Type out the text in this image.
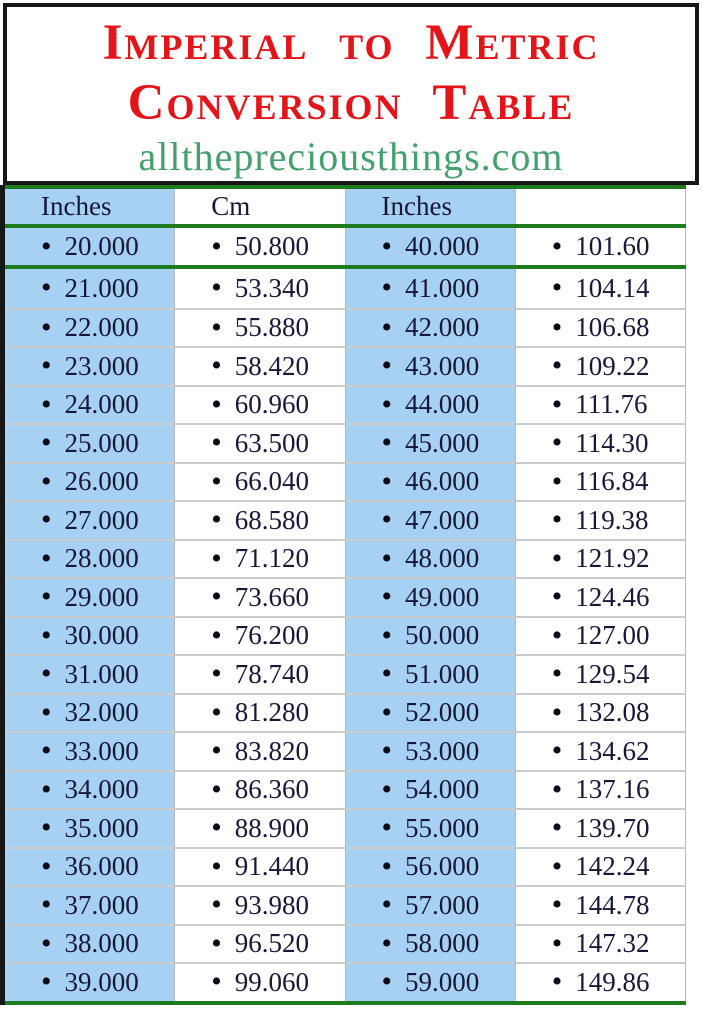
Imperial to Metric
Conversion Table
allthepreciousthings.com
Inches	Cm	Inches
• 20.000 • 50.800 • 40.000 • 101.60
• 21.000 • 53.340 • 41.000 • 104.14
• 22.000 • 55.880 • 42.000 • 106.68
• 23.000 • 58.420 • 43.000 • 109.22
• 24.000 • 60.960 • 44.000 • 111.76
• 25.000 • 63.500 • 45.000 • 114.30
• 26.000 • 66.040 • 46.000 • 116.84
• 27.000 • 68.580 • 47.000 • 119.38
• 28.000 • 71.120 • 48.000 • 121.92
• 29.000 • 73.660 • 49.000 • 124.46
• 30.000 • 76.200 • 50.000 • 127.00
• 31.000 • 78.740 • 51.000 • 129.54
• 32.000 • 81.280 • 52.000 • 132.08
• 33.000 • 83.820 • 53.000 • 134.62
• 34.000 • 86.360 • 54.000 • 137.16
• 35.000 • 88.900 • 55.000 • 139.70
• 36.000 • 91.440 • 56.000 • 142.24
• 37.000 • 93.980 • 57.000 • 144.78
• 38.000 • 96.520 • 58.000 • 147.32
• 39.000 • 99.060 • 59.000 • 149.86
